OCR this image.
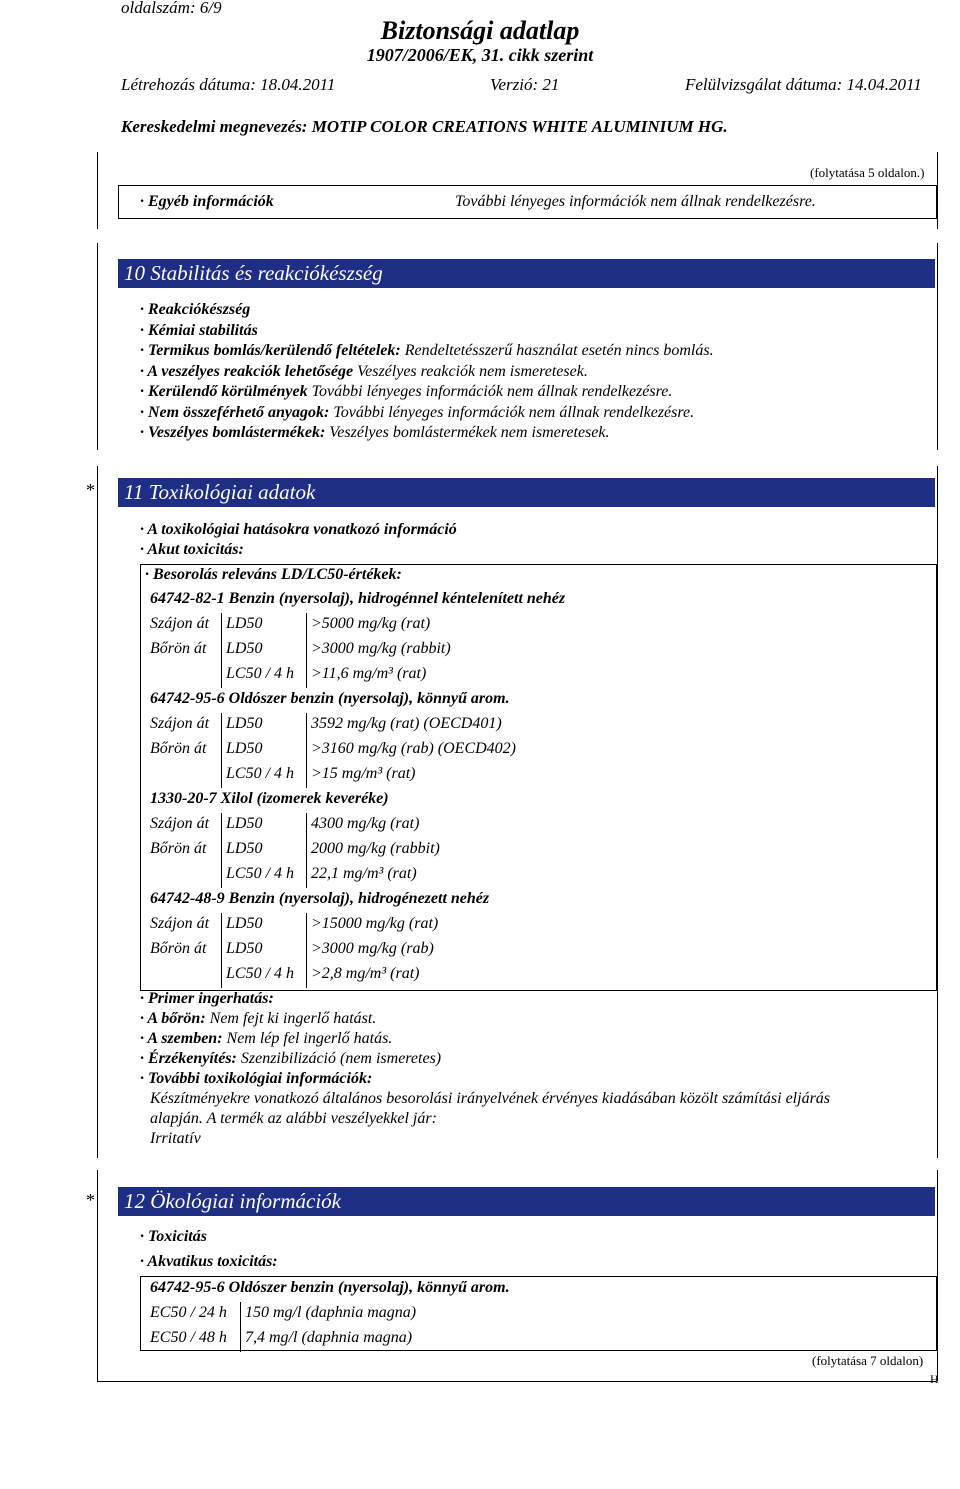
oldalszám: 6/9
Biztonsági adatlap
1907/2006/EK, 31. cikk szerint
Létrehozás dátuma: 18.04.2011	Verzió: 21	Felülvizsgálat dátuma: 14.04.2011
Kereskedelmi megnevezés: MOTIP COLOR CREATIONS WHITE ALUMINIUM HG.
(folytatása 5 oldalon.)
· Egyéb információk	További lényeges információk nem állnak rendelkezésre.
10 Stabilitás és reakciókészség
· Reakciókészség
· Kémiai stabilitás
· Termikus bomlás/kerülendő feltételek: Rendeltetésszerű használat esetén nincs bomlás.
· A veszélyes reakciók lehetősége Veszélyes reakciók nem ismeretesek.
· Kerülendő körülmények További lényeges információk nem állnak rendelkezésre.
· Nem összeférhető anyagok: További lényeges információk nem állnak rendelkezésre.
· Veszélyes bomlástermékek: Veszélyes bomlástermékek nem ismeretesek.
* 11 Toxikológiai adatok
· A toxikológiai hatásokra vonatkozó információ
· Akut toxicitás:
· Besorolás releváns LD/LC50-értékek:
64742-82-1 Benzin (nyersolaj), hidrogénnel kéntelenített nehéz
Szájon át LD50	>5000 mg/kg (rat)
Bőrön át LD50	>3000 mg/kg (rabbit)
LC50 / 4 h >11,6 mg/m³ (rat)
64742-95-6 Oldószer benzin (nyersolaj), könnyű arom.
Szájon át LD50	3592 mg/kg (rat) (OECD401)
Bőrön át LD50	>3160 mg/kg (rab) (OECD402)
LC50 / 4 h >15 mg/m³ (rat)
1330-20-7 Xilol (izomerek keveréke)
Szájon át LD50	4300 mg/kg (rat)
Bőrön át LD50	2000 mg/kg (rabbit)
LC50 / 4 h 22,1 mg/m³ (rat)
64742-48-9 Benzin (nyersolaj), hidrogénezett nehéz
Szájon át LD50	>15000 mg/kg (rat)
Bőrön át LD50	>3000 mg/kg (rab)
LC50 / 4 h >2,8 mg/m³ (rat)
· Primer ingerhatás:
· A bőrön: Nem fejt ki ingerlő hatást.
· A szemben: Nem lép fel ingerlő hatás.
· Érzékenyítés: Szenzibilizáció (nem ismeretes)
· További toxikológiai információk:
Készítményekre vonatkozó általános besorolási irányelvének érvényes kiadásában közölt számítási eljárás
alapján. A termék az alábbi veszélyekkel jár:
Irritatív
* 12 Ökológiai információk
· Toxicitás
· Akvatikus toxicitás:
64742-95-6 Oldószer benzin (nyersolaj), könnyű arom.
EC50 / 24 h 150 mg/l (daphnia magna)
EC50 / 48 h 7,4 mg/l (daphnia magna)
(folytatása 7 oldalon)
H
